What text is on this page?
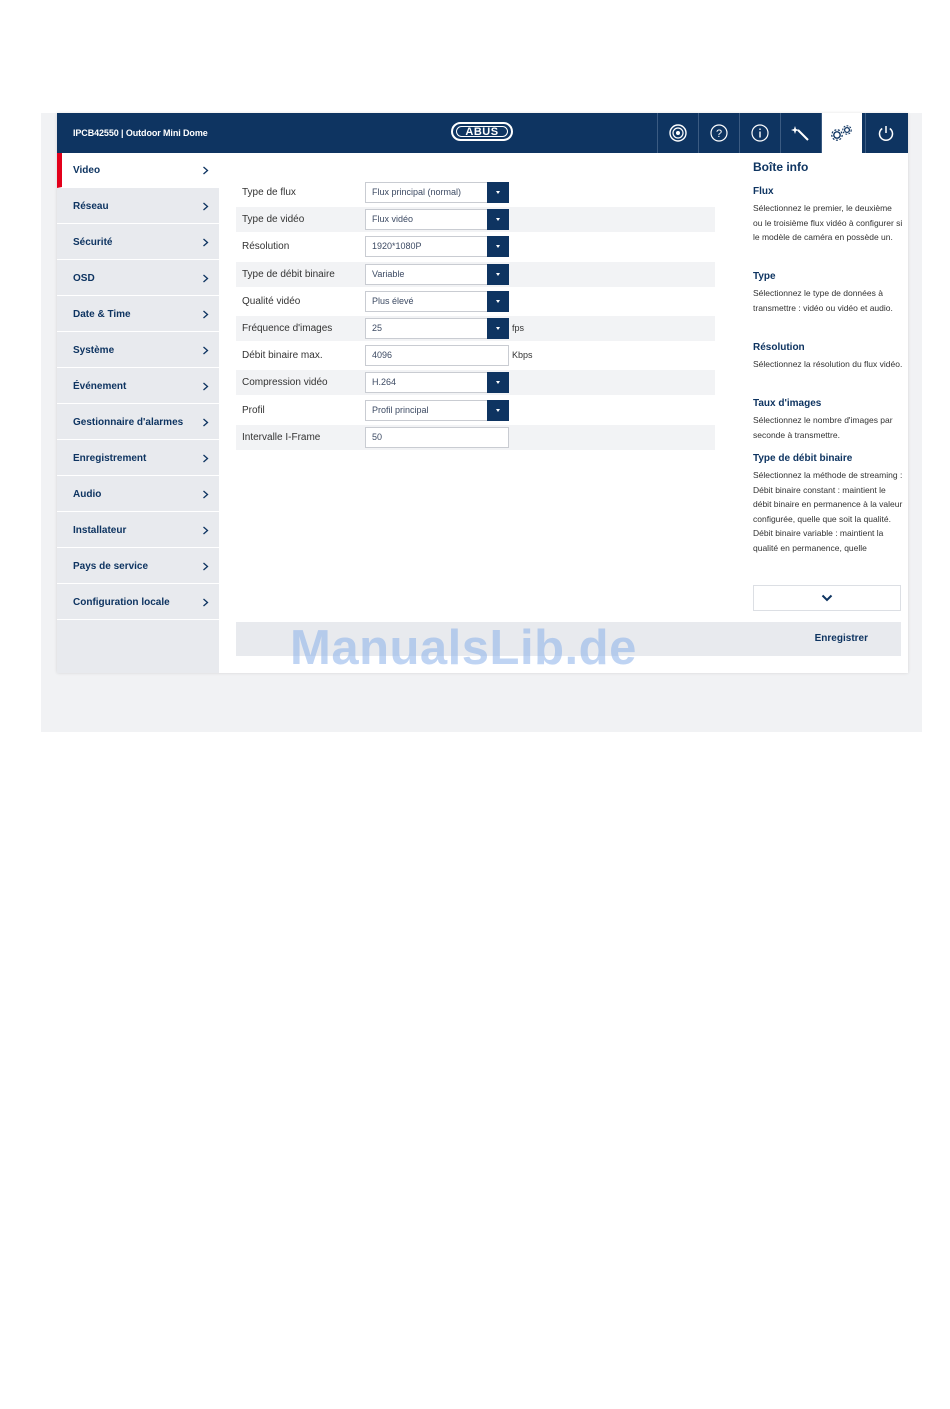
IPCB42550 | Outdoor Mini Dome	ABUS	?
Video
Réseau
Sécurité
OSD
Date & Time
Système
Événement
Gestionnaire d'alarmes
Enregistrement
Audio
Installateur
Pays de service
Configuration locale
Type de flux	Flux principal (normal)
Type de vidéo	Flux vidéo
Résolution	1920*1080P
Type de débit binaire	Variable
Qualité vidéo	Plus élevé
Fréquence d'images	25	fps
Débit binaire max.	4096	Kbps
Compression vidéo	H.264
Profil	Profil principal
Intervalle I-Frame	50
Boîte info
Flux

Sélectionnez le premier, le deuxième ou le troisième flux vidéo à configurer si le modèle de caméra en possède un.

Type

Sélectionnez le type de données à transmettre : vidéo ou vidéo et audio.

Résolution

Sélectionnez la résolution du flux vidéo.

Taux d'images

Sélectionnez le nombre d'images par seconde à transmettre.

Type de débit binaire

Sélectionnez la méthode de streaming :
Débit binaire constant : maintient le débit binaire en permanence à la valeur configurée, quelle que soit la qualité.
Débit binaire variable : maintient la qualité en permanence, quelle

Enregistrer
ManualsLib.de
